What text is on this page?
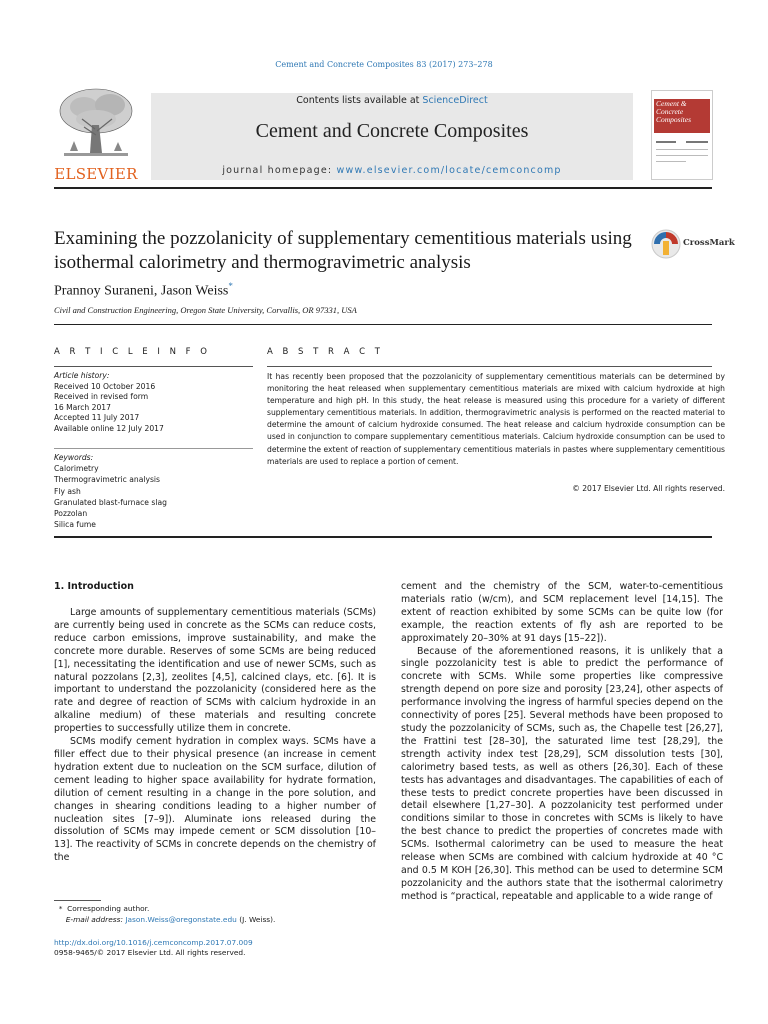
Cement and Concrete Composites 83 (2017) 273–278
ELSEVIER
Contents lists available at ScienceDirect
Cement and Concrete Composites
journal homepage: www.elsevier.com/locate/cemconcomp
Cement & Concrete Composites
Examining the pozzolanicity of supplementary cementitious materials using isothermal calorimetry and thermogravimetric analysis
CrossMark
Prannoy Suraneni, Jason Weiss*
Civil and Construction Engineering, Oregon State University, Corvallis, OR 97331, USA
A R T I C L E I N F O	A B S T R A C T
Article history:
Received 10 October 2016
Received in revised form
16 March 2017
Accepted 11 July 2017
Available online 12 July 2017
Keywords:
Calorimetry
Thermogravimetric analysis
Fly ash
Granulated blast-furnace slag
Pozzolan
Silica fume
It has recently been proposed that the pozzolanicity of supplementary cementitious materials can be determined by monitoring the heat released when supplementary cementitious materials are mixed with calcium hydroxide at high temperature and high pH. In this study, the heat release is measured using this procedure for a variety of different supplementary cementitious materials. In addition, thermogravimetric analysis is performed on the reacted material to determine the amount of calcium hydroxide consumed. The heat release and calcium hydroxide consumption can be used in conjunction to compare supplementary cementitious materials. Calcium hydroxide consumption can be used to determine the extent of reaction of supplementary cementitious materials in pastes where supplementary cementitious materials are used to replace a portion of cement.
© 2017 Elsevier Ltd. All rights reserved.
1. Introduction

Large amounts of supplementary cementitious materials (SCMs) are currently being used in concrete as the SCMs can reduce costs, reduce carbon emissions, improve sustainability, and make the concrete more durable. Reserves of some SCMs are being reduced [1], necessitating the identification and use of newer SCMs, such as natural pozzolans [2,3], zeolites [4,5], calcined clays, etc. [6]. It is important to understand the pozzolanicity (considered here as the rate and degree of reaction of SCMs with calcium hydroxide in an alkaline medium) of these materials and resulting concrete properties to successfully utilize them in concrete.

SCMs modify cement hydration in complex ways. SCMs have a filler effect due to their physical presence (an increase in cement hydration extent due to nucleation on the SCM surface, dilution of cement leading to higher space availability for hydrate formation, dilution of cement resulting in a change in the pore solution, and changes in shearing conditions leading to a higher number of nucleation sites [7–9]). Aluminate ions released during the dissolution of SCMs may impede cement or SCM dissolution [10–13]. The reactivity of SCMs in concrete depends on the chemistry of the

cement and the chemistry of the SCM, water-to-cementitious materials ratio (w/cm), and SCM replacement level [14,15]. The extent of reaction exhibited by some SCMs can be quite low (for example, the reaction extents of fly ash are reported to be approximately 20–30% at 91 days [15–22]).

Because of the aforementioned reasons, it is unlikely that a single pozzolanicity test is able to predict the performance of concrete with SCMs. While some properties like compressive strength depend on pore size and porosity [23,24], other aspects of performance involving the ingress of harmful species depend on the connectivity of pores [25]. Several methods have been proposed to study the pozzolanicity of SCMs, such as, the Chapelle test [26,27], the Frattini test [28–30], the saturated lime test [28,29], the strength activity index test [28,29], SCM dissolution tests [30], calorimetry based tests, as well as others [26,30]. Each of these tests has advantages and disadvantages. The capabilities of each of these tests to predict concrete properties have been discussed in detail elsewhere [1,27–30]. A pozzolanicity test performed under conditions similar to those in concretes with SCMs is likely to have the best chance to predict the properties of concretes made with SCMs. Isothermal calorimetry can be used to measure the heat release when SCMs are combined with calcium hydroxide at 40 °C and 0.5 M KOH [26,30]. This method can be used to determine SCM pozzolanicity and the authors state that the isothermal calorimetry method is “practical, repeatable and applicable to a wide range of

* Corresponding author.
E-mail address: Jason.Weiss@oregonstate.edu (J. Weiss).
http://dx.doi.org/10.1016/j.cemconcomp.2017.07.009
0958-9465/© 2017 Elsevier Ltd. All rights reserved.
